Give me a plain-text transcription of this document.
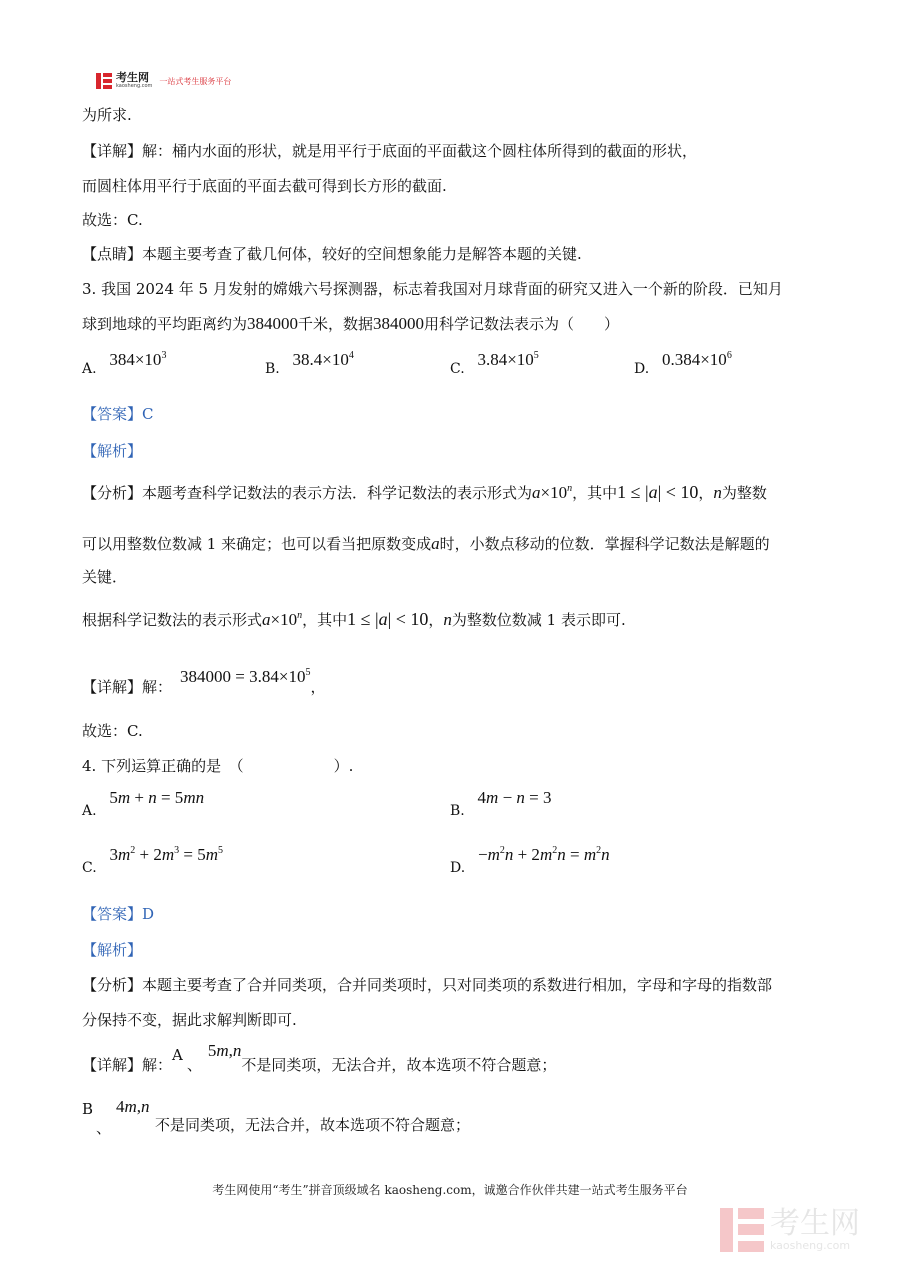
考生网
kaosheng.com
一站式考生服务平台
为所求.
【详解】解：桶内水面的形状，就是用平行于底面的平面截这个圆柱体所得到的截面的形状，
而圆柱体用平行于底面的平面去截可得到长方形的截面.
故选：C.
【点睛】本题主要考查了截几何体，较好的空间想象能力是解答本题的关键.
3. 我国 2024 年 5 月发射的嫦娥六号探测器，标志着我国对月球背面的研究又进入一个新的阶段．已知月
球到地球的平均距离约为384000千米，数据384000用科学记数法表示为（　　）
A. $384\times 10^3$
B. $38.4\times 10^4$
C. $3.84\times 10^5$
D. $0.384\times 10^6$
【答案】C
【解析】
【分析】本题考查科学记数法的表示方法．科学记数法的表示形式为$a\times 10^n$，其中1 ≤ |a| < 10，n为整数
可以用整数位数减 1 来确定；也可以看当把原数变成a时，小数点移动的位数．掌握科学记数法是解题的
关键．
根据科学记数法的表示形式$a\times 10^n$，其中1 ≤ |a| < 10，n为整数位数减 1 表示即可.
【详解】解：$384000 = 3.84\times 10^5$，
故选：C.
4. 下列运算正确的是　（　　　　　　）.
A. 5m + n = 5mn
B. 4m − n = 3
C. $3m^2 + 2m^3 = 5m^5$
D. $-m^2n + 2m^2n = m^2n$
【答案】D
【解析】
【分析】本题主要考查了合并同类项，合并同类项时，只对同类项的系数进行相加，字母和字母的指数部
分保持不变，据此求解判断即可.
【详解】解：A、5m,n不是同类项，无法合并，故本选项不符合题意；
B
、
4m,n
不是同类项，无法合并，故本选项不符合题意；
考生网使用“考生”拼音顶级域名 kaosheng.com，诚邀合作伙伴共建一站式考生服务平台
考生网
kaosheng.com
